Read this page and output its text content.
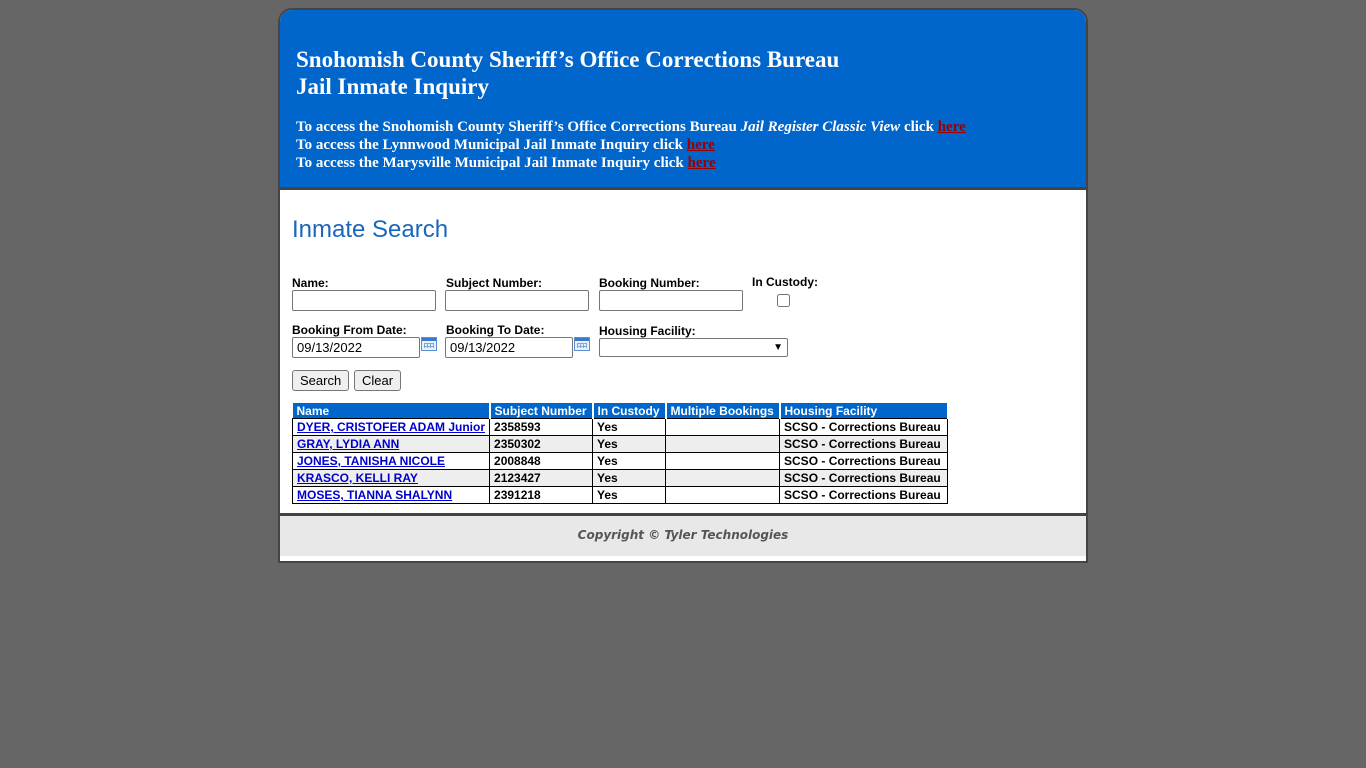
Snohomish County Sheriff’s Office Corrections Bureau

Jail Inmate Inquiry

To access the Snohomish County Sheriff’s Office Corrections Bureau Jail Register Classic View click here
To access the Lynnwood Municipal Jail Inmate Inquiry click here
To access the Marysville Municipal Jail Inmate Inquiry click here
Inmate Search
Name:	Subject Number:	Booking Number:	In Custody:
Booking From Date:
09/13/2022	Booking To Date:
09/13/2022	Housing Facility:
▼
Search	Clear
Name	Subject Number	In Custody	Multiple Bookings	Housing Facility
DYER, CRISTOFER ADAM Junior	2358593	Yes		SCSO - Corrections Bureau
GRAY, LYDIA ANN	2350302	Yes		SCSO - Corrections Bureau
JONES, TANISHA NICOLE	2008848	Yes		SCSO - Corrections Bureau
KRASCO, KELLI RAY	2123427	Yes		SCSO - Corrections Bureau
MOSES, TIANNA SHALYNN	2391218	Yes		SCSO - Corrections Bureau
Copyright © Tyler Technologies
